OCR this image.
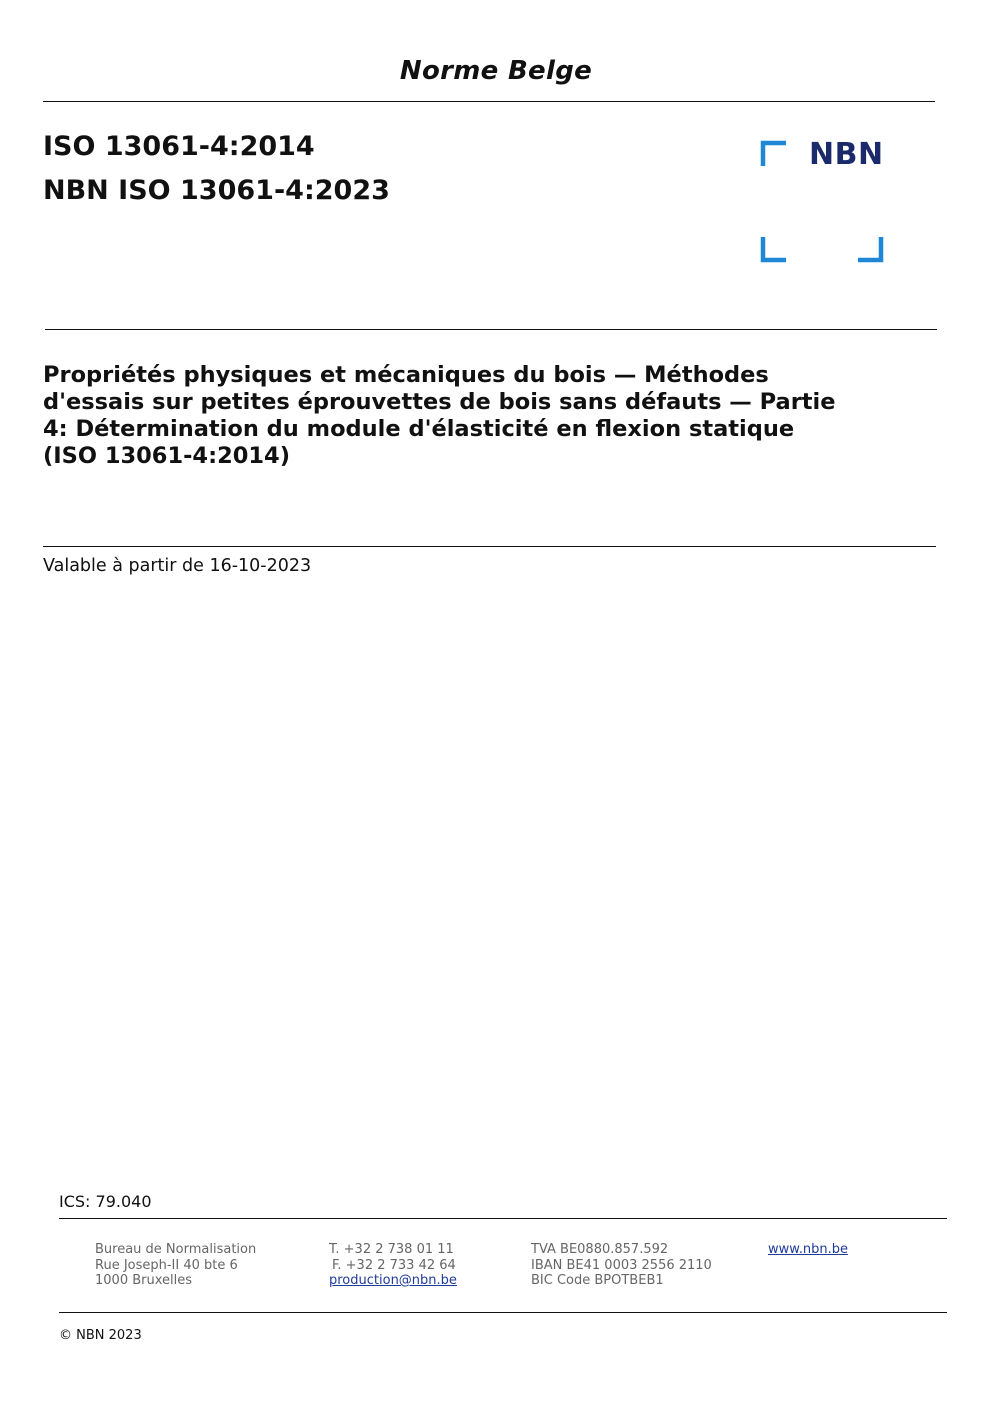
Norme Belge
ISO 13061-4:2014
NBN ISO 13061-4:2023
NBN
Propriétés physiques et mécaniques du bois — Méthodes
d'essais sur petites éprouvettes de bois sans défauts — Partie
4: Détermination du module d'élasticité en flexion statique
(ISO 13061-4:2014)
Valable à partir de 16-10-2023
ICS: 79.040
Bureau de Normalisation
Rue Joseph-II 40 bte 6
1000 Bruxelles
T. +32 2 738 01 11
F. +32 2 733 42 64
production@nbn.be
TVA BE0880.857.592
IBAN BE41 0003 2556 2110
BIC Code BPOTBEB1
www.nbn.be
© NBN 2023
